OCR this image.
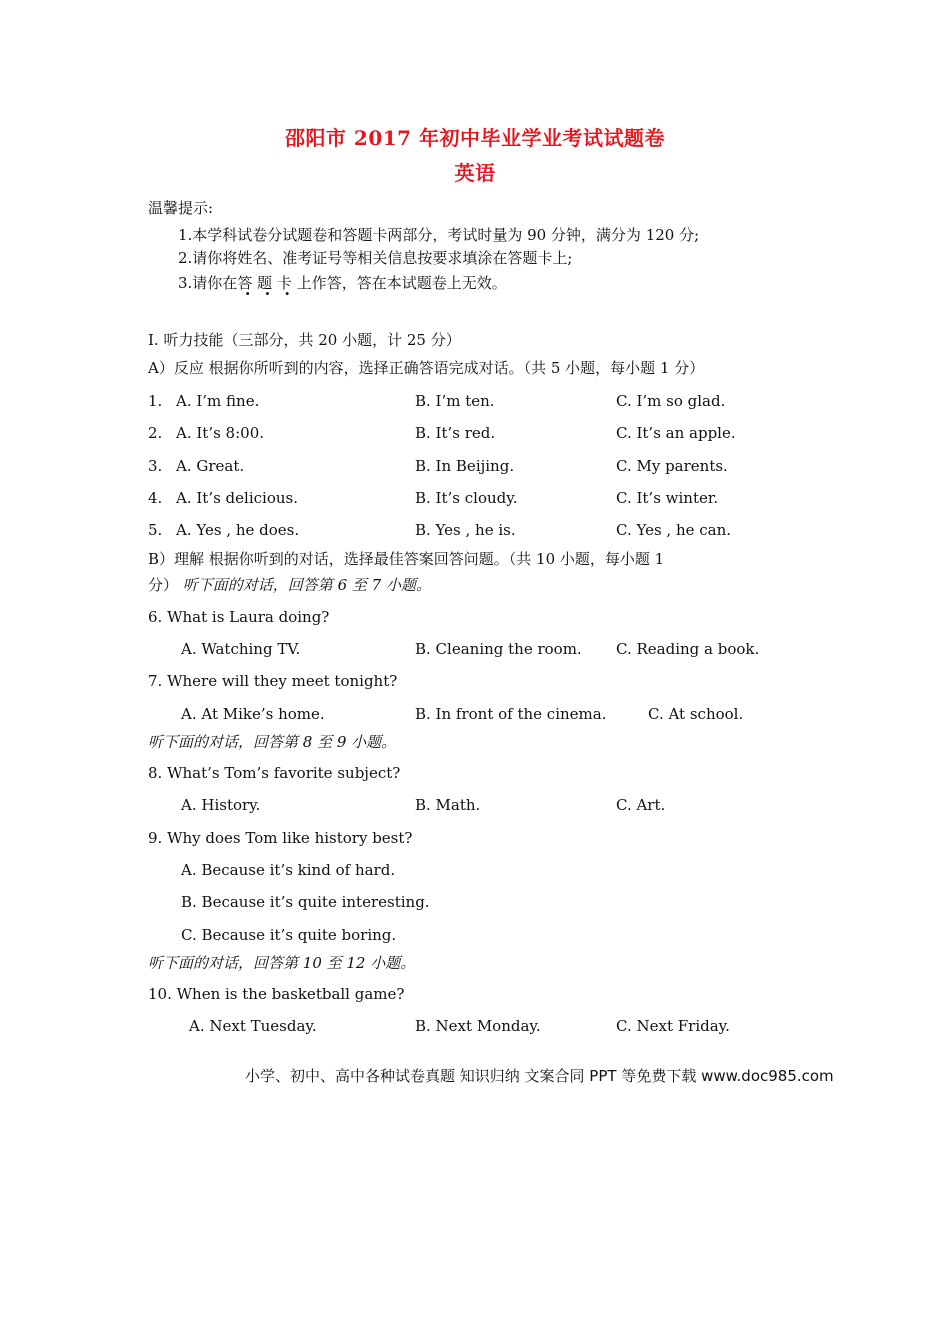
邵阳市 2017 年初中毕业学业考试试题卷
英语
温馨提示:
1.本学科试卷分试题卷和答题卡两部分，考试时量为 90 分钟，满分为 120 分;
2.请你将姓名、准考证号等相关信息按要求填涂在答题卡上;
3.请你在答 题 卡 上作答，答在本试题卷上无效。
Ⅰ. 听力技能（三部分，共 20 小题，计 25 分）
A）反应 根据你所听到的内容，选择正确答语完成对话。（共 5 小题，每小题 1 分）
1. A. I’m fine.	B. I’m ten.	C. I’m so glad.
2. A. It’s 8:00.	B. It’s red.	C. It’s an apple.
3. A. Great.	B. In Beijing.	C. My parents.
4. A. It’s delicious.	B. It’s cloudy.	C. It’s winter.
5. A. Yes , he does.	B. Yes , he is.	C. Yes , he can.
B）理解 根据你听到的对话，选择最佳答案回答问题。（共 10 小题，每小题 1
分） 听下面的对话，回答第 6 至 7 小题。
6. What is Laura doing?
A. Watching TV.	B. Cleaning the room. C. Reading a book.
7. Where will they meet tonight?
A. At Mike’s home.	B. In front of the cinema.	C. At school.
听下面的对话，回答第 8 至 9 小题。
8. What’s Tom’s favorite subject?
A. History.	B. Math.	C. Art.
9. Why does Tom like history best?
A. Because it’s kind of hard.
B. Because it’s quite interesting.
C. Because it’s quite boring.
听下面的对话，回答第 10 至 12 小题。
10. When is the basketball game?
A. Next Tuesday.	B. Next Monday.	C. Next Friday.
小学、初中、高中各种试卷真题 知识归纳 文案合同 PPT 等免费下载 www.doc985.com
